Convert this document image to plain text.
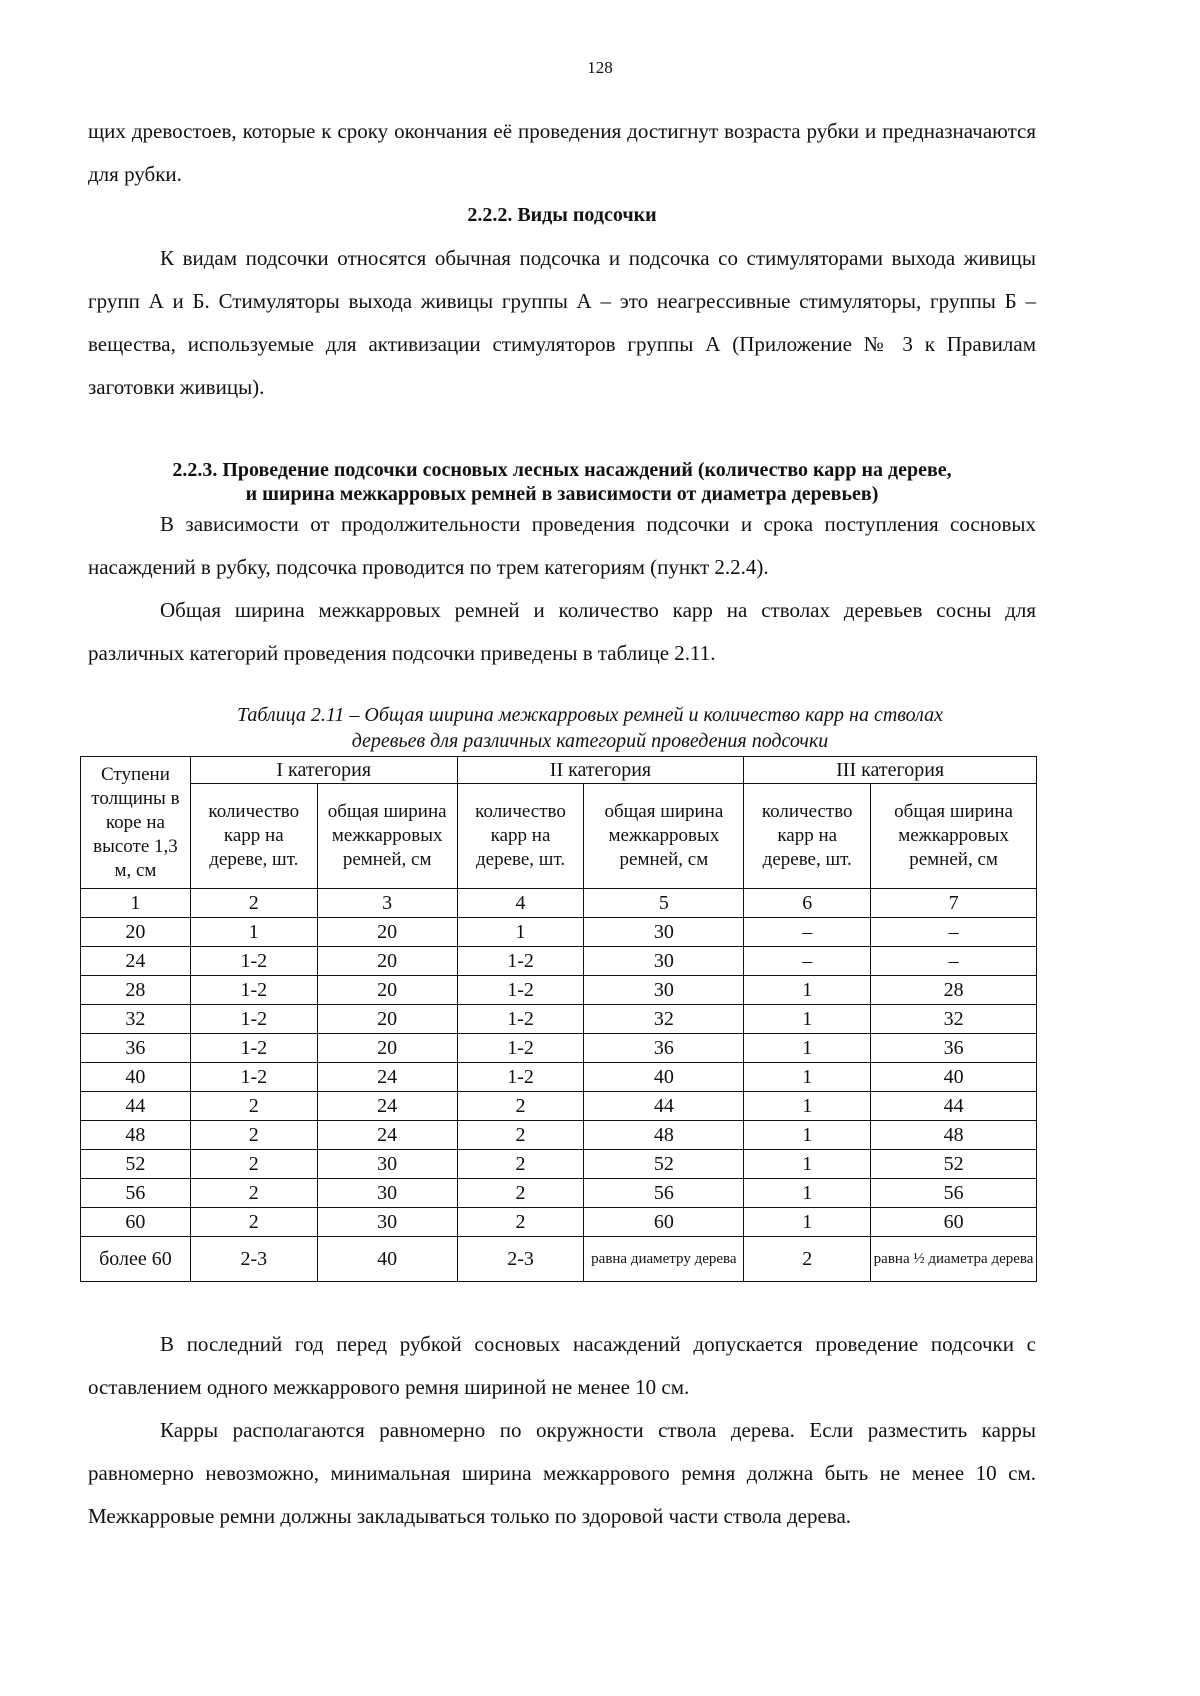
128

щих древостоев, которые к сроку окончания её проведения достигнут возраста рубки и предназначаются для рубки.

2.2.2. Виды подсочки

К видам подсочки относятся обычная подсочка и подсочка со стимуляторами выхода живицы групп А и Б. Стимуляторы выхода живицы группы А – это неагрессивные стимуляторы, группы Б – вещества, используемые для активизации стимуляторов группы А (Приложение № 3 к Правилам заготовки живицы).

2.2.3. Проведение подсочки сосновых лесных насаждений (количество карр на дереве,
и ширина межкарровых ремней в зависимости от диаметра деревьев)

В зависимости от продолжительности проведения подсочки и срока поступления сосновых насаждений в рубку, подсочка проводится по трем категориям (пункт 2.2.4).

Общая ширина межкарровых ремней и количество карр на стволах деревьев сосны для различных категорий проведения подсочки приведены в таблице 2.11.

Таблица 2.11 – Общая ширина межкарровых ремней и количество карр на стволах
деревьев для различных категорий проведения подсочки

Ступени толщины в коре на высоте 1,3 м, см	I категория		II категория		III категория	
	количество карр на дереве, шт.	общая ширина межкарровых ремней, см	количество карр на дереве, шт.	общая ширина межкарровых ремней, см	количество карр на дереве, шт.	общая ширина межкарровых ремней, см
1	2	3	4	5	6	7
20	1	20	1	30	–	–
24	1-2	20	1-2	30	–	–
28	1-2	20	1-2	30	1	28
32	1-2	20	1-2	32	1	32
36	1-2	20	1-2	36	1	36
40	1-2	24	1-2	40	1	40
44	2	24	2	44	1	44
48	2	24	2	48	1	48
52	2	30	2	52	1	52
56	2	30	2	56	1	56
60	2	30	2	60	1	60
более 60	2-3	40	2-3	равна диаметру дерева	2	равна ½ диаметра дерева

В последний год перед рубкой сосновых насаждений допускается проведение подсочки с оставлением одного межкаррового ремня шириной не менее 10 см.

Карры располагаются равномерно по окружности ствола дерева. Если разместить карры равномерно невозможно, минимальная ширина межкаррового ремня должна быть не менее 10 см. Межкарровые ремни должны закладываться только по здоровой части ствола дерева.
